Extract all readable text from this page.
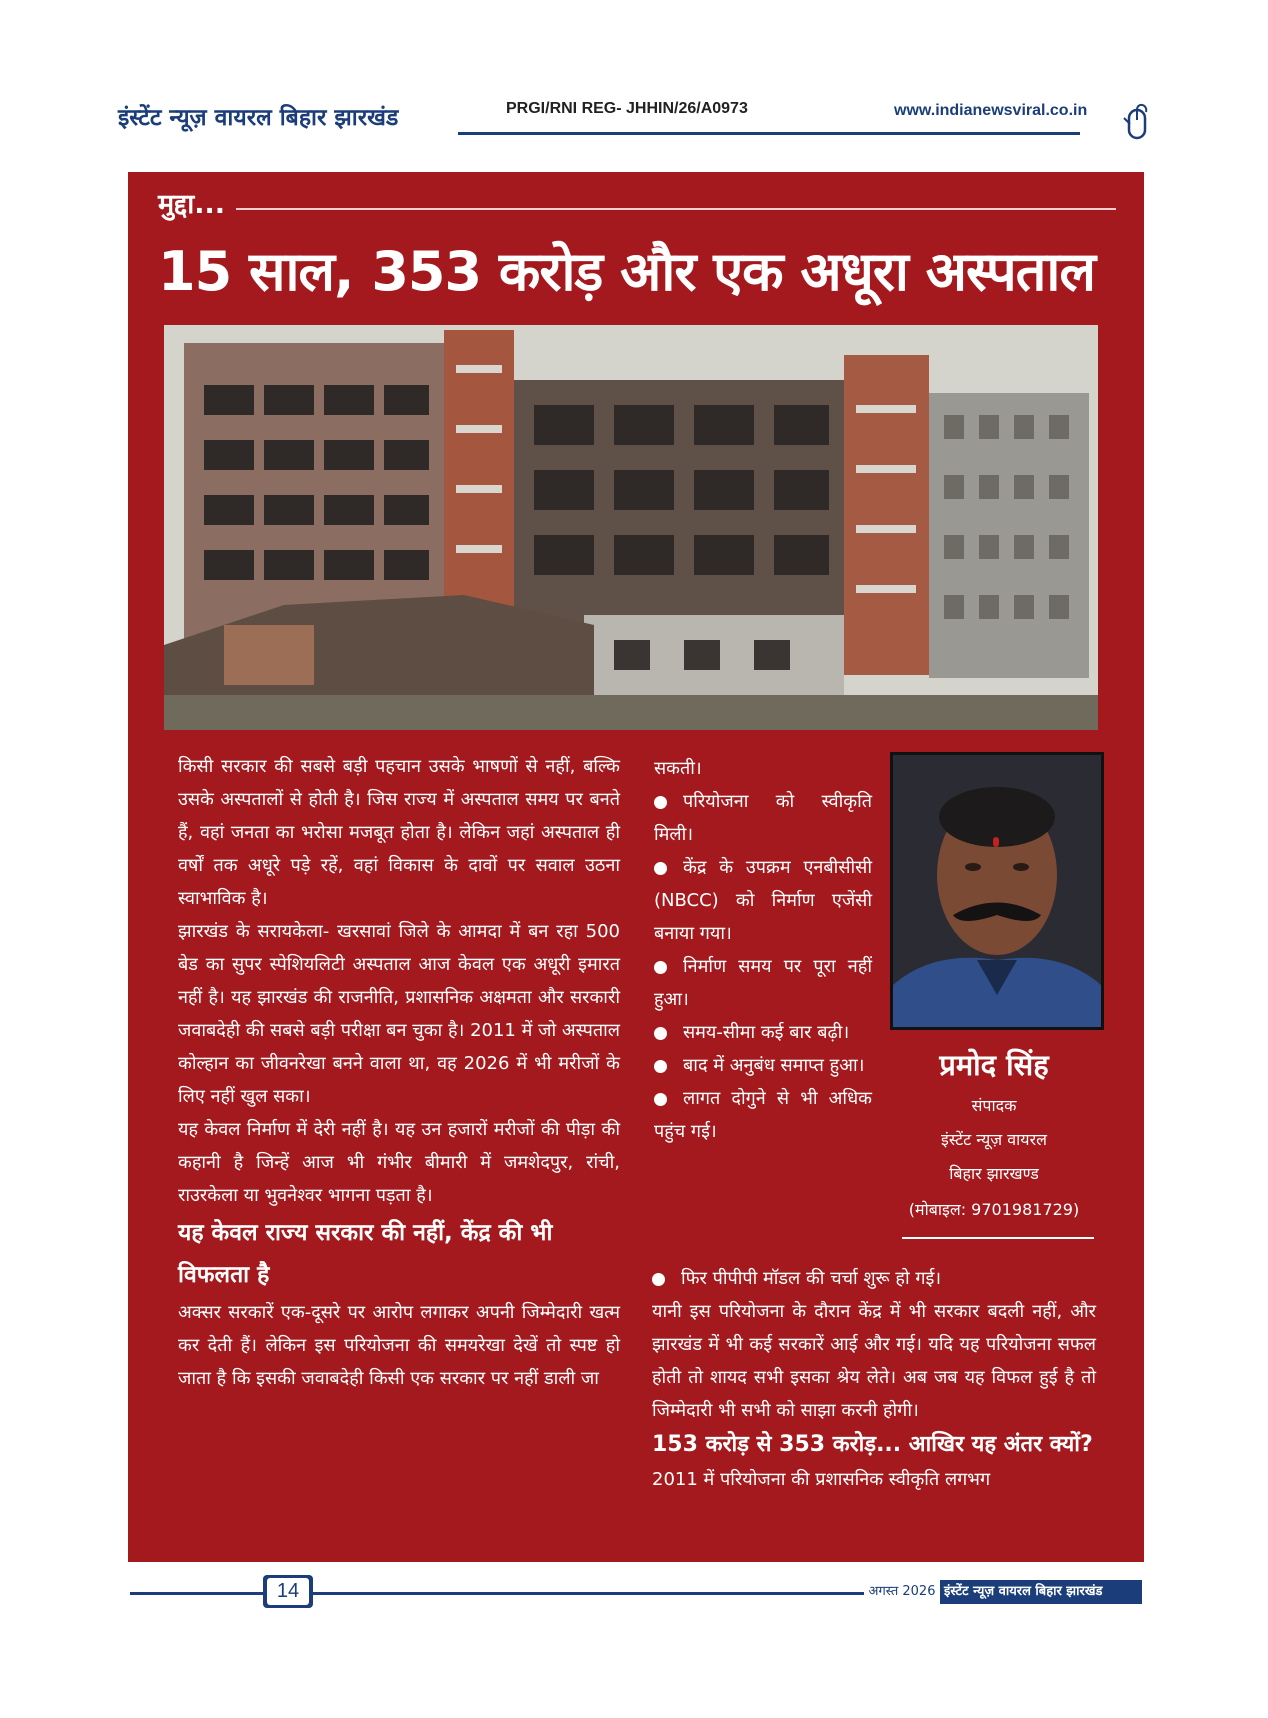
इंस्टेंट न्यूज़ वायरल बिहार झारखंड	PRGI/RNI REG- JHHIN/26/A0973	www.indianewsviral.co.in
मुद्दा...
15 साल, 353 करोड़ और एक अधूरा अस्पताल

किसी सरकार की सबसे बड़ी पहचान उसके भाषणों से नहीं, बल्कि उसके अस्पतालों से होती है। जिस राज्य में अस्पताल समय पर बनते हैं, वहां जनता का भरोसा मजबूत होता है। लेकिन जहां अस्पताल ही वर्षों तक अधूरे पड़े रहें, वहां विकास के दावों पर सवाल उठना स्वाभाविक है।

झारखंड के सरायकेला- खरसावां जिले के आमदा में बन रहा 500 बेड का सुपर स्पेशियलिटी अस्पताल आज केवल एक अधूरी इमारत नहीं है। यह झारखंड की राजनीति, प्रशासनिक अक्षमता और सरकारी जवाबदेही की सबसे बड़ी परीक्षा बन चुका है। 2011 में जो अस्पताल कोल्हान का जीवनरेखा बनने वाला था, वह 2026 में भी मरीजों के लिए नहीं खुल सका।

यह केवल निर्माण में देरी नहीं है। यह उन हजारों मरीजों की पीड़ा की कहानी है जिन्हें आज भी गंभीर बीमारी में जमशेदपुर, रांची, राउरकेला या भुवनेश्वर भागना पड़ता है।

यह केवल राज्य सरकार की नहीं, केंद्र की भी विफलता है

अक्सर सरकारें एक-दूसरे पर आरोप लगाकर अपनी जिम्मेदारी खत्म कर देती हैं। लेकिन इस परियोजना की समयरेखा देखें तो स्पष्ट हो जाता है कि इसकी जवाबदेही किसी एक सरकार पर नहीं डाली जा

सकती।

परियोजना को स्वीकृति मिली।

केंद्र के उपक्रम एनबीसीसी (NBCC) को निर्माण एजेंसी बनाया गया।

निर्माण समय पर पूरा नहीं हुआ।

समय-सीमा कई बार बढ़ी।

बाद में अनुबंध समाप्त हुआ।

लागत दोगुने से भी अधिक पहुंच गई।

फिर पीपीपी मॉडल की चर्चा शुरू हो गई।

यानी इस परियोजना के दौरान केंद्र में भी सरकार बदली नहीं, और झारखंड में भी कई सरकारें आई और गई। यदि यह परियोजना सफल होती तो शायद सभी इसका श्रेय लेते। अब जब यह विफल हुई है तो जिम्मेदारी भी सभी को साझा करनी होगी।

153 करोड़ से 353 करोड़... आखिर यह अंतर क्यों?

2011 में परियोजना की प्रशासनिक स्वीकृति लगभग

प्रमोद सिंह
संपादक
इंस्टेंट न्यूज़ वायरल
बिहार झारखण्ड
(मोबाइल: 9701981729)
14	इंस्टेंट न्यूज़ वायरल बिहार झारखंड
अगस्त 2026
